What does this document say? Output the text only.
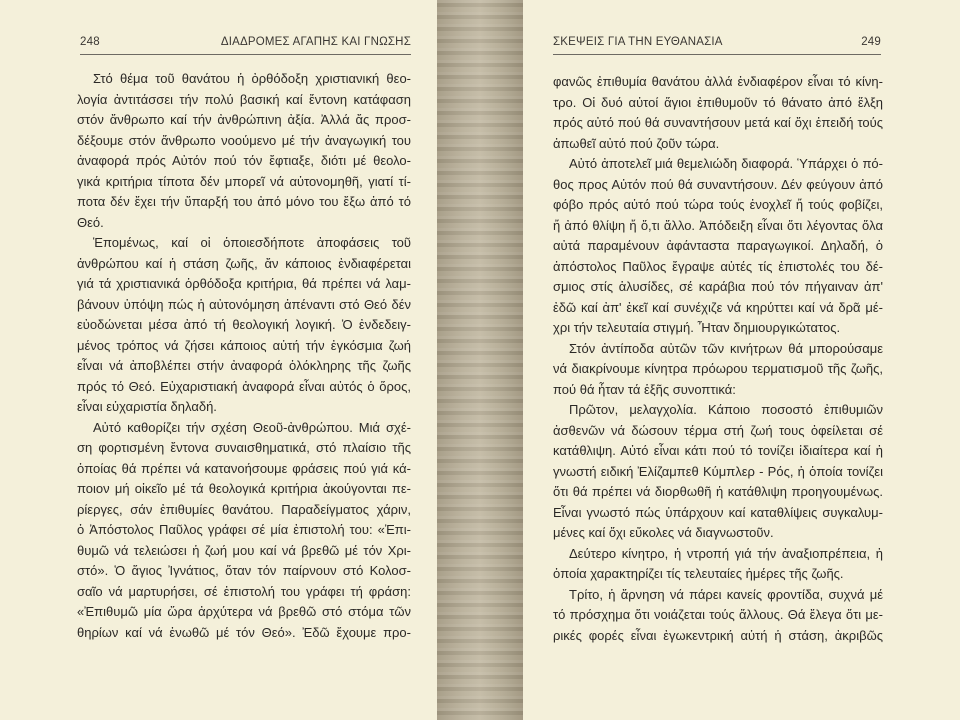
248	ΔΙΑΔΡΟΜΕΣ ΑΓΑΠΗΣ ΚΑΙ ΓΝΩΣΗΣ
Στό θέμα τοῦ θανάτου ἡ ὀρθόδοξη χριστιανική θεο-
λογία ἀντιτάσσει τήν πολύ βασική καί ἔντονη κατάφαση
στόν ἄνθρωπο καί τήν ἀνθρώπινη ἀξία. Ἀλλά ἄς προσ-
δέξουμε στόν ἄνθρωπο νοούμενο μέ τήν ἀναγωγική του
ἀναφορά πρός Αὐτόν πού τόν ἔφτιαξε, διότι μέ θεολο-
γικά κριτήρια τίποτα δέν μπορεῖ νά αὐτονομηθῆ, γιατί τί-
ποτα δέν ἔχει τήν ὕπαρξή του ἀπό μόνο του ἔξω ἀπό τό
Θεό.
Ἑπομένως, καί οἱ ὁποιεσδήποτε ἀποφάσεις τοῦ
ἀνθρώπου καί ἡ στάση ζωῆς, ἄν κάποιος ἐνδιαφέρεται
γιά τά χριστιανικά ὀρθόδοξα κριτήρια, θά πρέπει νά λαμ-
βάνουν ὑπόψη πώς ἡ αὐτονόμηση ἀπέναντι στό Θεό δέν
εὐοδώνεται μέσα ἀπό τή θεολογική λογική. Ὁ ἐνδεδειγ-
μένος τρόπος νά ζήσει κάποιος αὐτή τήν ἐγκόσμια ζωή
εἶναι νά ἀποβλέπει στήν ἀναφορά ὁλόκληρης τῆς ζωῆς
πρός τό Θεό. Εὐχαριστιακή ἀναφορά εἶναι αὐτός ὁ ὅρος,
εἶναι εὐχαριστία δηλαδή.
Αὐτό καθορίζει τήν σχέση Θεοῦ-ἀνθρώπου. Μιά σχέ-
ση φορτισμένη ἔντονα συναισθηματικά, στό πλαίσιο τῆς
ὁποίας θά πρέπει νά κατανοήσουμε φράσεις πού γιά κά-
ποιον μή οἰκεῖο μέ τά θεολογικά κριτήρια ἀκούγονται πε-
ρίεργες, σάν ἐπιθυμίες θανάτου. Παραδείγματος χάριν,
ὁ Ἀπόστολος Παῦλος γράφει σέ μία ἐπιστολή του: «Ἐπι-
θυμῶ νά τελειώσει ἡ ζωή μου καί νά βρεθῶ μέ τόν Χρι-
στό». Ὁ ἅγιος Ἰγνάτιος, ὅταν τόν παίρνουν στό Κολοσ-
σαῖο νά μαρτυρήσει, σέ ἐπιστολή του γράφει τή φράση:
«Ἐπιθυμῶ μία ὥρα ἀρχύτερα νά βρεθῶ στό στόμα τῶν
θηρίων καί νά ἑνωθῶ μέ τόν Θεό». Ἐδῶ ἔχουμε προ-
ΣΚΕΨΕΙΣ ΓΙΑ ΤΗΝ ΕΥΘΑΝΑΣΙΑ	249
φανῶς ἐπιθυμία θανάτου ἀλλά ἐνδιαφέρον εἶναι τό κίνη-
τρο. Οἱ δυό αὐτοί ἅγιοι ἐπιθυμοῦν τό θάνατο ἀπό ἕλξη
πρός αὐτό πού θά συναντήσουν μετά καί ὄχι ἐπειδή τούς
ἀπωθεῖ αὐτό πού ζοῦν τώρα.
Αὐτό ἀποτελεῖ μιά θεμελιώδη διαφορά. Ὑπάρχει ὁ πό-
θος προς Αὐτόν πού θά συναντήσουν. Δέν φεύγουν ἀπό
φόβο πρός αὐτό πού τώρα τούς ἐνοχλεῖ ἤ τούς φοβίζει,
ἤ ἀπό θλίψη ἤ ὅ,τι ἄλλο. Ἀπόδειξη εἶναι ὅτι λέγοντας ὅλα
αὐτά παραμένουν ἀφάνταστα παραγωγικοί. Δηλαδή, ὁ
ἀπόστολος Παῦλος ἔγραψε αὐτές τίς ἐπιστολές του δέ-
σμιος στίς ἁλυσίδες, σέ καράβια πού τόν πήγαιναν ἀπ'
ἐδῶ καί ἀπ' ἐκεῖ καί συνέχιζε νά κηρύττει καί νά δρᾶ μέ-
χρι τήν τελευταία στιγμή. Ἦταν δημιουργικώτατος.
Στόν ἀντίποδα αὐτῶν τῶν κινήτρων θά μπορούσαμε
νά διακρίνουμε κίνητρα πρόωρου τερματισμοῦ τῆς ζωῆς,
πού θά ἦταν τά ἑξῆς συνοπτικά:
Πρῶτον, μελαγχολία. Κάποιο ποσοστό ἐπιθυμιῶν
ἀσθενῶν νά δώσουν τέρμα στή ζωή τους ὀφείλεται σέ
κατάθλιψη. Αὐτό εἶναι κάτι πού τό τονίζει ἰδιαίτερα καί ἡ
γνωστή ειδική Ἐλίζαμπεθ Κύμπλερ - Ρός, ἡ ὁποία τονίζει
ὅτι θά πρέπει νά διορθωθῆ ἡ κατάθλιψη προηγουμένως.
Εἶναι γνωστό πώς ὑπάρχουν καί καταθλίψεις συγκαλυμ-
μένες καί ὄχι εὔκολες νά διαγνωστοῦν.
Δεύτερο κίνητρο, ἡ ντροπή γιά τήν ἀναξιοπρέπεια, ἡ
ὁποία χαρακτηρίζει τίς τελευταίες ἡμέρες τῆς ζωῆς.
Τρίτο, ἡ ἄρνηση νά πάρει κανείς φροντίδα, συχνά μέ
τό πρόσχημα ὅτι νοιάζεται τούς ἄλλους. Θά ἔλεγα ὅτι με-
ρικές φορές εἶναι ἐγωκεντρική αὐτή ἡ στάση, ἀκριβῶς
